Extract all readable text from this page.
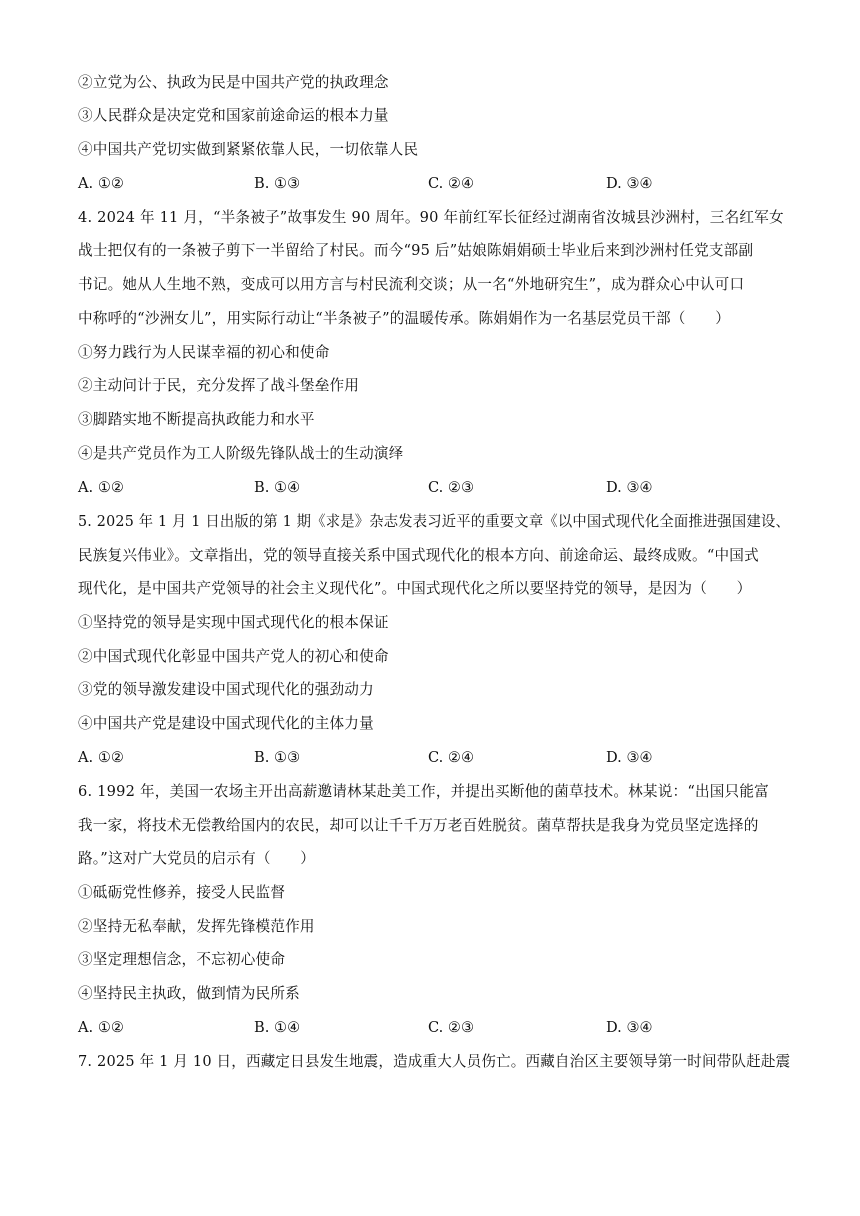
②立党为公、执政为民是中国共产党的执政理念
③人民群众是决定党和国家前途命运的根本力量
④中国共产党切实做到紧紧依靠人民，一切依靠人民
A. ①②	B. ①③	C. ②④	D. ③④
4. 2024 年 11 月，“半条被子”故事发生 90 周年。90 年前红军长征经过湖南省汝城县沙洲村，三名红军女
战士把仅有的一条被子剪下一半留给了村民。而今“95 后”姑娘陈娟娟硕士毕业后来到沙洲村任党支部副
书记。她从人生地不熟，变成可以用方言与村民流利交谈；从一名“外地研究生”，成为群众心中认可口
中称呼的“沙洲女儿”，用实际行动让“半条被子”的温暖传承。陈娟娟作为一名基层党员干部（　　）
①努力践行为人民谋幸福的初心和使命
②主动问计于民，充分发挥了战斗堡垒作用
③脚踏实地不断提高执政能力和水平
④是共产党员作为工人阶级先锋队战士的生动演绎
A. ①②	B. ①④	C. ②③	D. ③④
5. 2025 年 1 月 1 日出版的第 1 期《求是》杂志发表习近平的重要文章《以中国式现代化全面推进强国建设、
民族复兴伟业》。文章指出，党的领导直接关系中国式现代化的根本方向、前途命运、最终成败。“中国式
现代化，是中国共产党领导的社会主义现代化”。中国式现代化之所以要坚持党的领导，是因为（　　）
①坚持党的领导是实现中国式现代化的根本保证
②中国式现代化彰显中国共产党人的初心和使命
③党的领导激发建设中国式现代化的强劲动力
④中国共产党是建设中国式现代化的主体力量
A. ①②	B. ①③	C. ②④	D. ③④
6. 1992 年，美国一农场主开出高薪邀请林某赴美工作，并提出买断他的菌草技术。林某说：“出国只能富
我一家，将技术无偿教给国内的农民，却可以让千千万万老百姓脱贫。菌草帮扶是我身为党员坚定选择的
路。”这对广大党员的启示有（　　）
①砥砺党性修养，接受人民监督
②坚持无私奉献，发挥先锋模范作用
③坚定理想信念，不忘初心使命
④坚持民主执政，做到情为民所系
A. ①②	B. ①④	C. ②③	D. ③④
7. 2025 年 1 月 10 日，西藏定日县发生地震，造成重大人员伤亡。西藏自治区主要领导第一时间带队赶赴震
